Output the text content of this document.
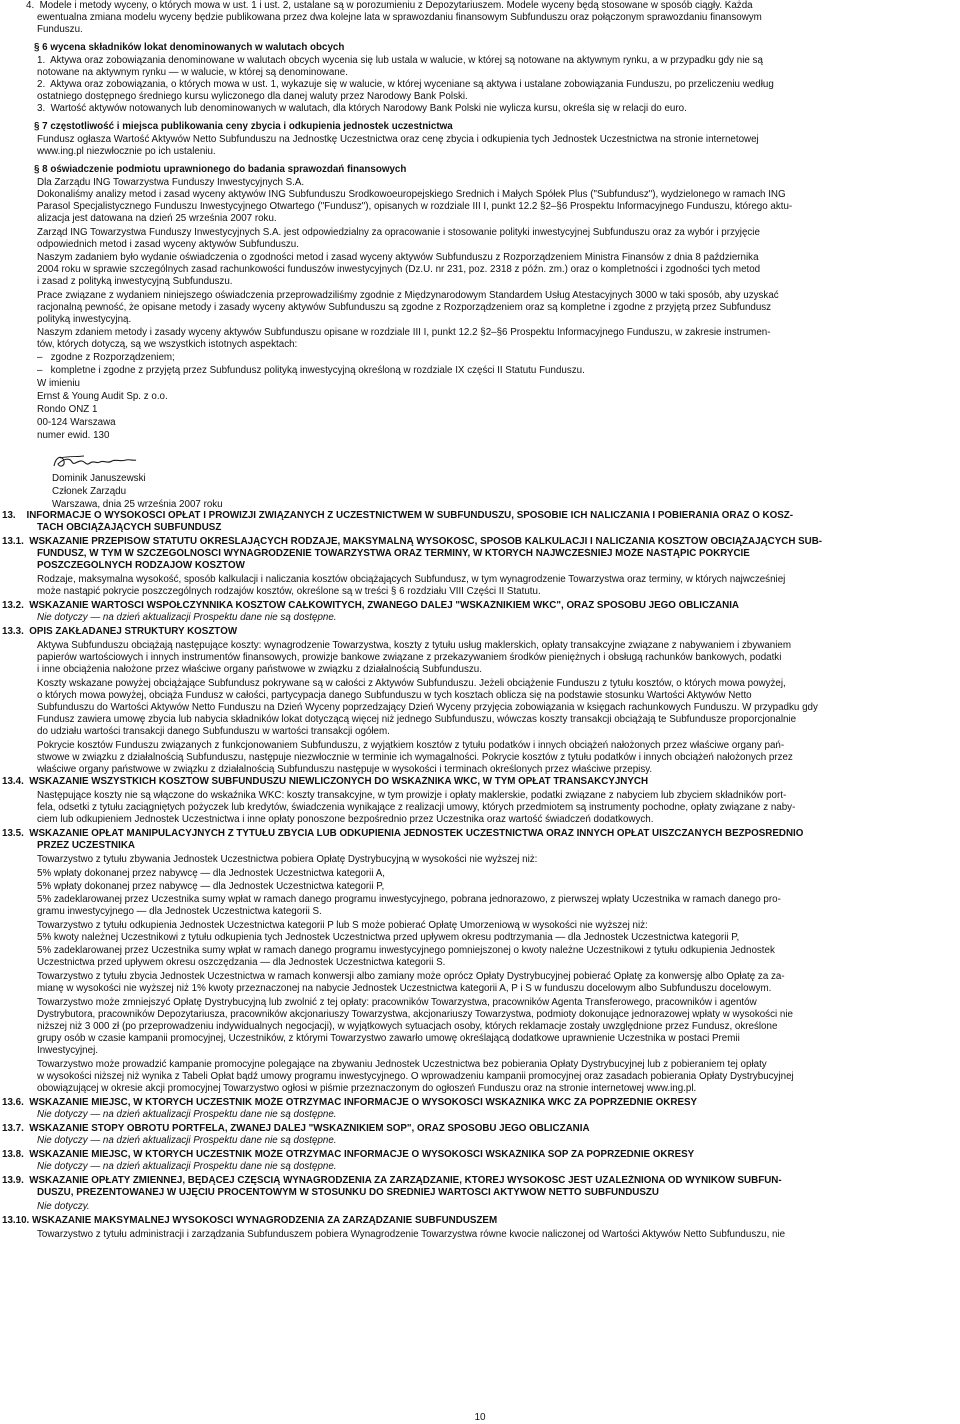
4.  Modele i metody wyceny, o których mowa w ust. 1 i ust. 2, ustalane są w porozumieniu z Depozytariuszem. Modele wyceny będą stosowane w sposób ciągły. Każda
ewentualna zmiana modelu wyceny będzie publikowana przez dwa kolejne lata w sprawozdaniu finansowym Subfunduszu oraz połączonym sprawozdaniu finansowym
Funduszu.
§ 6 wycena składników lokat denominowanych w walutach obcych
1.  Aktywa oraz zobowiązania denominowane w walutach obcych wycenia się lub ustala w walucie, w której są notowane na aktywnym rynku, a w przypadku gdy nie są
notowane na aktywnym rynku — w walucie, w której są denominowane.
2.  Aktywa oraz zobowiązania, o których mowa w ust. 1, wykazuje się w walucie, w której wyceniane są aktywa i ustalane zobowiązania Funduszu, po przeliczeniu według
ostatniego dostępnego średniego kursu wyliczonego dla danej waluty przez Narodowy Bank Polski.
3.  Wartość aktywów notowanych lub denominowanych w walutach, dla których Narodowy Bank Polski nie wylicza kursu, określa się w relacji do euro.
§ 7 częstotliwość i miejsca publikowania ceny zbycia i odkupienia jednostek uczestnictwa
Fundusz ogłasza Wartość Aktywów Netto Subfunduszu na Jednostkę Uczestnictwa oraz cenę zbycia i odkupienia tych Jednostek Uczestnictwa na stronie internetowej
www.ing.pl niezwłocznie po ich ustaleniu.
§ 8 oświadczenie podmiotu uprawnionego do badania sprawozdań finansowych
Dla Zarządu ING Towarzystwa Funduszy Inwestycyjnych S.A.
Dokonaliśmy analizy metod i zasad wyceny aktywów ING Subfunduszu Środkowoeuropejskiego Średnich i Małych Spółek Plus ("Subfundusz"), wydzielonego w ramach ING
Parasol Specjalistycznego Funduszu Inwestycyjnego Otwartego ("Fundusz"), opisanych w rozdziale III I, punkt 12.2 §2–§6 Prospektu Informacyjnego Funduszu, którego aktu-
alizacja jest datowana na dzień 25 września 2007 roku.
Zarząd ING Towarzystwa Funduszy Inwestycyjnych S.A. jest odpowiedzialny za opracowanie i stosowanie polityki inwestycyjnej Subfunduszu oraz za wybór i przyjęcie
odpowiednich metod i zasad wyceny aktywów Subfunduszu.
Naszym zadaniem było wydanie oświadczenia o zgodności metod i zasad wyceny aktywów Subfunduszu z Rozporządzeniem Ministra Finansów z dnia 8 października
2004 roku w sprawie szczególnych zasad rachunkowości funduszów inwestycyjnych (Dz.U. nr 231, poz. 2318 z późn. zm.) oraz o kompletności i zgodności tych metod
i zasad z polityką inwestycyjną Subfunduszu.
Prace związane z wydaniem niniejszego oświadczenia przeprowadziliśmy zgodnie z Międzynarodowym Standardem Usług Atestacyjnych 3000 w taki sposób, aby uzyskać
racjonalną pewność, że opisane metody i zasady wyceny aktywów Subfunduszu są zgodne z Rozporządzeniem oraz są kompletne i zgodne z przyjętą przez Subfundusz
polityką inwestycyjną.
Naszym zdaniem metody i zasady wyceny aktywów Subfunduszu opisane w rozdziale III I, punkt 12.2 §2–§6 Prospektu Informacyjnego Funduszu, w zakresie instrumen-
tów, których dotyczą, są we wszystkich istotnych aspektach:
–   zgodne z Rozporządzeniem;
–   kompletne i zgodne z przyjętą przez Subfundusz polityką inwestycyjną określoną w rozdziale IX części II Statutu Funduszu.
W imieniu
Ernst & Young Audit Sp. z o.o.
Rondo ONZ 1
00-124 Warszawa
numer ewid. 130
Dominik Januszewski
Członek Zarządu
Warszawa, dnia 25 września 2007 roku
13.    INFORMACJE O WYSOKOŚCI OPŁAT I PROWIZJI ZWIĄZANYCH Z UCZESTNICTWEM W SUBFUNDUSZU, SPOSOBIE ICH NALICZANIA I POBIERANIA ORAZ O KOSZ-
TACH OBCIĄŻAJĄCYCH SUBFUNDUSZ
13.1.  WSKAZANIE PRZEPISÓW STATUTU OKREŚLAJĄCYCH RODZAJE, MAKSYMALNĄ WYSOKOŚĆ, SPOSÓB KALKULACJI I NALICZANIA KOSZTÓW OBCIĄŻAJĄCYCH SUB-
FUNDUSZ, W TYM W SZCZEGÓLNOŚCI WYNAGRODZENIE TOWARZYSTWA ORAZ TERMINY, W KTÓRYCH NAJWCZEŚNIEJ MOŻE NASTĄPIĆ POKRYCIE
POSZCZEGÓLNYCH RODZAJÓW KOSZTÓW
Rodzaje, maksymalna wysokość, sposób kalkulacji i naliczania kosztów obciążających Subfundusz, w tym wynagrodzenie Towarzystwa oraz terminy, w których najwcześniej
może nastąpić pokrycie poszczególnych rodzajów kosztów, określone są w treści § 6 rozdziału VIII Części II Statutu.
13.2.  WSKAZANIE WARTOŚCI WSPÓŁCZYNNIKA KOSZTÓW CAŁKOWITYCH, ZWANEGO DALEJ "WSKAŹNIKIEM WKC", ORAZ SPOSOBU JEGO OBLICZANIA
Nie dotyczy — na dzień aktualizacji Prospektu dane nie są dostępne.
13.3.  OPIS ZAKŁADANEJ STRUKTURY KOSZTÓW
Aktywa Subfunduszu obciążają następujące koszty: wynagrodzenie Towarzystwa, koszty z tytułu usług maklerskich, opłaty transakcyjne związane z nabywaniem i zbywaniem
papierów wartościowych i innych instrumentów finansowych, prowizje bankowe związane z przekazywaniem środków pieniężnych i obsługą rachunków bankowych, podatki
i inne obciążenia nałożone przez właściwe organy państwowe w związku z działalnością Subfunduszu.
Koszty wskazane powyżej obciążające Subfundusz pokrywane są w całości z Aktywów Subfunduszu. Jeżeli obciążenie Funduszu z tytułu kosztów, o których mowa powyżej,
o których mowa powyżej, obciąża Fundusz w całości, partycypacja danego Subfunduszu w tych kosztach oblicza się na podstawie stosunku Wartości Aktywów Netto
Subfunduszu do Wartości Aktywów Netto Funduszu na Dzień Wyceny poprzedzający Dzień Wyceny przyjęcia zobowiązania w księgach rachunkowych Funduszu. W przypadku gdy
Fundusz zawiera umowę zbycia lub nabycia składników lokat dotyczącą więcej niż jednego Subfunduszu, wówczas koszty transakcji obciążają te Subfundusze proporcjonalnie
do udziału wartości transakcji danego Subfunduszu w wartości transakcji ogółem.
Pokrycie kosztów Funduszu związanych z funkcjonowaniem Subfunduszu, z wyjątkiem kosztów z tytułu podatków i innych obciążeń nałożonych przez właściwe organy pań-
stwowe w związku z działalnością Subfunduszu, następuje niezwłocznie w terminie ich wymagalności. Pokrycie kosztów z tytułu podatków i innych obciążeń nałożonych przez
właściwe organy państwowe w związku z działalnością Subfunduszu następuje w wysokości i terminach określonych przez właściwe przepisy.
13.4.  WSKAZANIE WSZYSTKICH KOSZTÓW SUBFUNDUSZU NIEWLICZONYCH DO WSKAŹNIKA WKC, W TYM OPŁAT TRANSAKCYJNYCH
Następujące koszty nie są włączone do wskaźnika WKC: koszty transakcyjne, w tym prowizje i opłaty maklerskie, podatki związane z nabyciem lub zbyciem składników port-
fela, odsetki z tytułu zaciągniętych pożyczek lub kredytów, świadczenia wynikające z realizacji umowy, których przedmiotem są instrumenty pochodne, opłaty związane z naby-
ciem lub odkupieniem Jednostek Uczestnictwa i inne opłaty ponoszone bezpośrednio przez Uczestnika oraz wartość świadczeń dodatkowych.
13.5.  WSKAZANIE OPŁAT MANIPULACYJNYCH Z TYTUŁU ZBYCIA LUB ODKUPIENIA JEDNOSTEK UCZESTNICTWA ORAZ INNYCH OPŁAT UISZCZANYCH BEZPOŚREDNIO
PRZEZ UCZESTNIKA
Towarzystwo z tytułu zbywania Jednostek Uczestnictwa pobiera Opłatę Dystrybucyjną w wysokości nie wyższej niż:
5% wpłaty dokonanej przez nabywcę — dla Jednostek Uczestnictwa kategorii A,
5% wpłaty dokonanej przez nabywcę — dla Jednostek Uczestnictwa kategorii P,
5% zadeklarowanej przez Uczestnika sumy wpłat w ramach danego programu inwestycyjnego, pobrana jednorazowo, z pierwszej wpłaty Uczestnika w ramach danego pro-
gramu inwestycyjnego — dla Jednostek Uczestnictwa kategorii S.
Towarzystwo z tytułu odkupienia Jednostek Uczestnictwa kategorii P lub S może pobierać Opłatę Umorzeniową w wysokości nie wyższej niż:
5% kwoty należnej Uczestnikowi z tytułu odkupienia tych Jednostek Uczestnictwa przed upływem okresu podtrzymania — dla Jednostek Uczestnictwa kategorii P,
5% zadeklarowanej przez Uczestnika sumy wpłat w ramach danego programu inwestycyjnego pomniejszonej o kwoty należne Uczestnikowi z tytułu odkupienia Jednostek
Uczestnictwa przed upływem okresu oszczędzania — dla Jednostek Uczestnictwa kategorii S.
Towarzystwo z tytułu zbycia Jednostek Uczestnictwa w ramach konwersji albo zamiany może oprócz Opłaty Dystrybucyjnej pobierać Opłatę za konwersję albo Opłatę za za-
mianę w wysokości nie wyższej niż 1% kwoty przeznaczonej na nabycie Jednostek Uczestnictwa kategorii A, P i S w funduszu docelowym albo Subfunduszu docelowym.
Towarzystwo może zmniejszyć Opłatę Dystrybucyjną lub zwolnić z tej opłaty: pracowników Towarzystwa, pracowników Agenta Transferowego, pracowników i agentów
Dystrybutora, pracowników Depozytariusza, pracowników akcjonariuszy Towarzystwa, akcjonariuszy Towarzystwa, podmioty dokonujące jednorazowej wpłaty w wysokości nie
niższej niż 3 000 zł (po przeprowadzeniu indywidualnych negocjacji), w wyjątkowych sytuacjach osoby, których reklamacje zostały uwzględnione przez Fundusz, określone
grupy osób w czasie kampanii promocyjnej, Uczestników, z którymi Towarzystwo zawarło umowę określającą dodatkowe uprawnienie Uczestnika w postaci Premii
Inwestycyjnej.
Towarzystwo może prowadzić kampanie promocyjne polegające na zbywaniu Jednostek Uczestnictwa bez pobierania Opłaty Dystrybucyjnej lub z pobieraniem tej opłaty
w wysokości niższej niż wynika z Tabeli Opłat bądź umowy programu inwestycyjnego. O wprowadzeniu kampanii promocyjnej oraz zasadach pobierania Opłaty Dystrybucyjnej
obowiązującej w okresie akcji promocyjnej Towarzystwo ogłosi w piśmie przeznaczonym do ogłoszeń Funduszu oraz na stronie internetowej www.ing.pl.
13.6.  WSKAZANIE MIEJSC, W KTÓRYCH UCZESTNIK MOŻE OTRZYMAĆ INFORMACJE O WYSOKOŚCI WSKAŹNIKA WKC ZA POPRZEDNIE OKRESY
Nie dotyczy — na dzień aktualizacji Prospektu dane nie są dostępne.
13.7.  WSKAZANIE STOPY OBROTU PORTFELA, ZWANEJ DALEJ "WSKAŹNIKIEM SOP", ORAZ SPOSOBU JEGO OBLICZANIA
Nie dotyczy — na dzień aktualizacji Prospektu dane nie są dostępne.
13.8.  WSKAZANIE MIEJSC, W KTÓRYCH UCZESTNIK MOŻE OTRZYMAĆ INFORMACJE O WYSOKOŚCI WSKAŹNIKA SOP ZA POPRZEDNIE OKRESY
Nie dotyczy — na dzień aktualizacji Prospektu dane nie są dostępne.
13.9.  WSKAZANIE OPŁATY ZMIENNEJ, BĘDĄCEJ CZĘŚCIĄ WYNAGRODZENIA ZA ZARZĄDZANIE, KTÓREJ WYSOKOŚĆ JEST UZALEŻNIONA OD WYNIKÓW SUBFUN-
DUSZU, PREZENTOWANEJ W UJĘCIU PROCENTOWYM W STOSUNKU DO ŚREDNIEJ WARTOŚCI AKTYWÓW NETTO SUBFUNDUSZU
Nie dotyczy.
13.10. WSKAZANIE MAKSYMALNEJ WYSOKOŚCI WYNAGRODZENIA ZA ZARZĄDZANIE SUBFUNDUSZEM
Towarzystwo z tytułu administracji i zarządzania Subfunduszem pobiera Wynagrodzenie Towarzystwa równe kwocie naliczonej od Wartości Aktywów Netto Subfunduszu, nie
10
